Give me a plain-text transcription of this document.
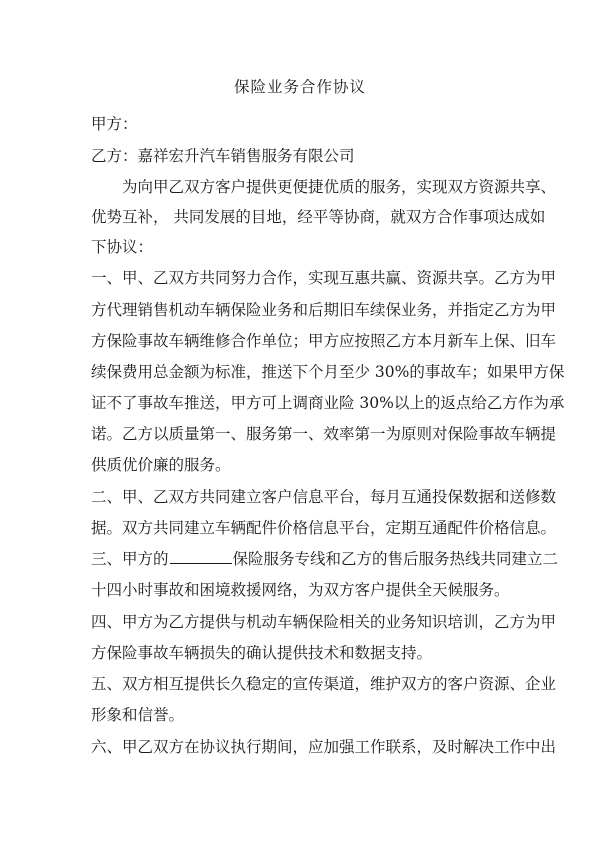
保险业务合作协议
甲方：
乙方：嘉祥宏升汽车销售服务有限公司
　　为向甲乙双方客户提供更便捷优质的服务，实现双方资源共享、
优势互补， 共同发展的目地，经平等协商，就双方合作事项达成如
下协议：
一、甲、乙双方共同努力合作，实现互惠共赢、资源共享。乙方为甲
方代理销售机动车辆保险业务和后期旧车续保业务，并指定乙方为甲
方保险事故车辆维修合作单位；甲方应按照乙方本月新车上保、旧车
续保费用总金额为标准，推送下个月至少 30%的事故车；如果甲方保
证不了事故车推送，甲方可上调商业险 30%以上的返点给乙方作为承
诺。乙方以质量第一、服务第一、效率第一为原则对保险事故车辆提
供质优价廉的服务。
二、甲、乙双方共同建立客户信息平台，每月互通投保数据和送修数
据。双方共同建立车辆配件价格信息平台，定期互通配件价格信息。
三、甲方的	保险服务专线和乙方的售后服务热线共同建立二
十四小时事故和困境救援网络，为双方客户提供全天候服务。
四、甲方为乙方提供与机动车辆保险相关的业务知识培训，乙方为甲
方保险事故车辆损失的确认提供技术和数据支持。
五、双方相互提供长久稳定的宣传渠道，维护双方的客户资源、企业
形象和信誉。
六、甲乙双方在协议执行期间，应加强工作联系，及时解决工作中出
